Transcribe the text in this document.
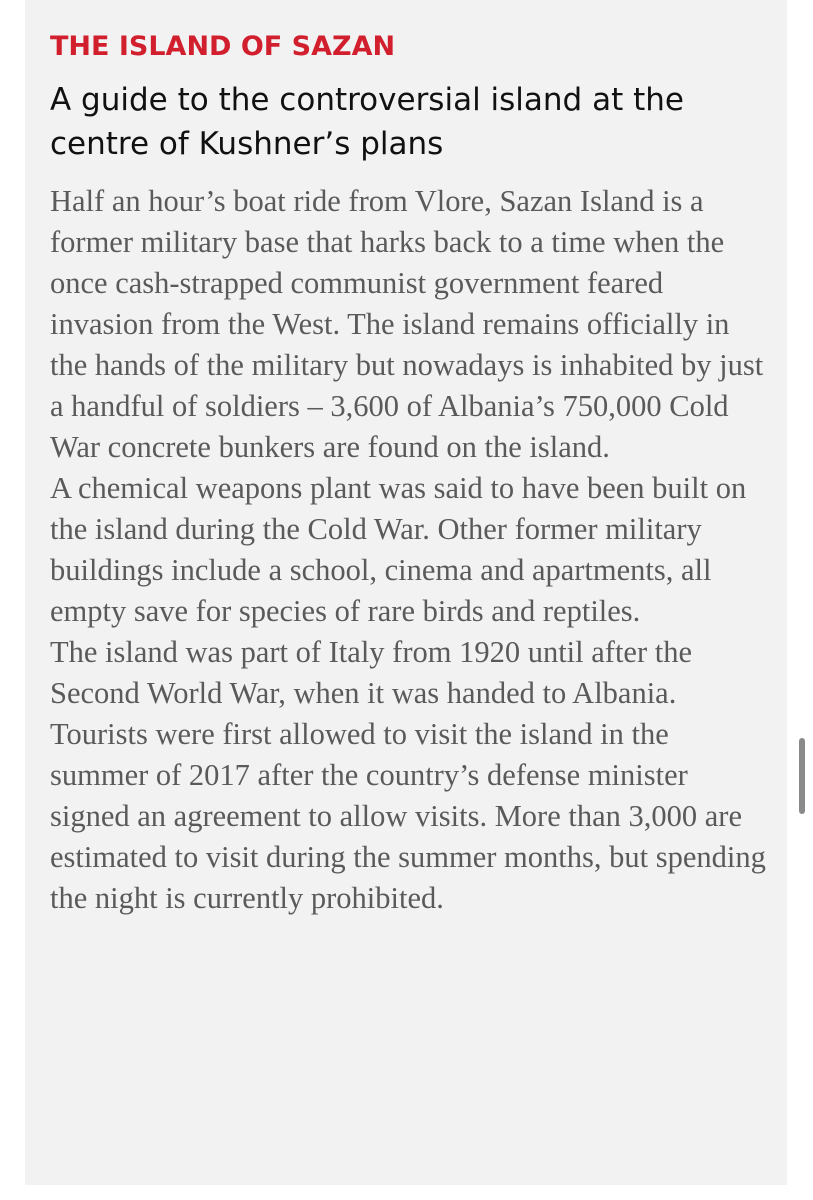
THE ISLAND OF SAZAN
A guide to the controversial island at the centre of Kushner’s plans

Half an hour’s boat ride from Vlore, Sazan Island is a former military base that harks back to a time when the once cash-strapped communist government feared invasion from the West. The island remains officially in the hands of the military but nowadays is inhabited by just a handful of soldiers – 3,600 of Albania’s 750,000 Cold War concrete bunkers are found on the island.

A chemical weapons plant was said to have been built on the island during the Cold War. Other former military buildings include a school, cinema and apartments, all empty save for species of rare birds and reptiles.

The island was part of Italy from 1920 until after the Second World War, when it was handed to Albania.

Tourists were first allowed to visit the island in the summer of 2017 after the country’s defense minister signed an agreement to allow visits. More than 3,000 are estimated to visit during the summer months, but spending the night is currently prohibited.
